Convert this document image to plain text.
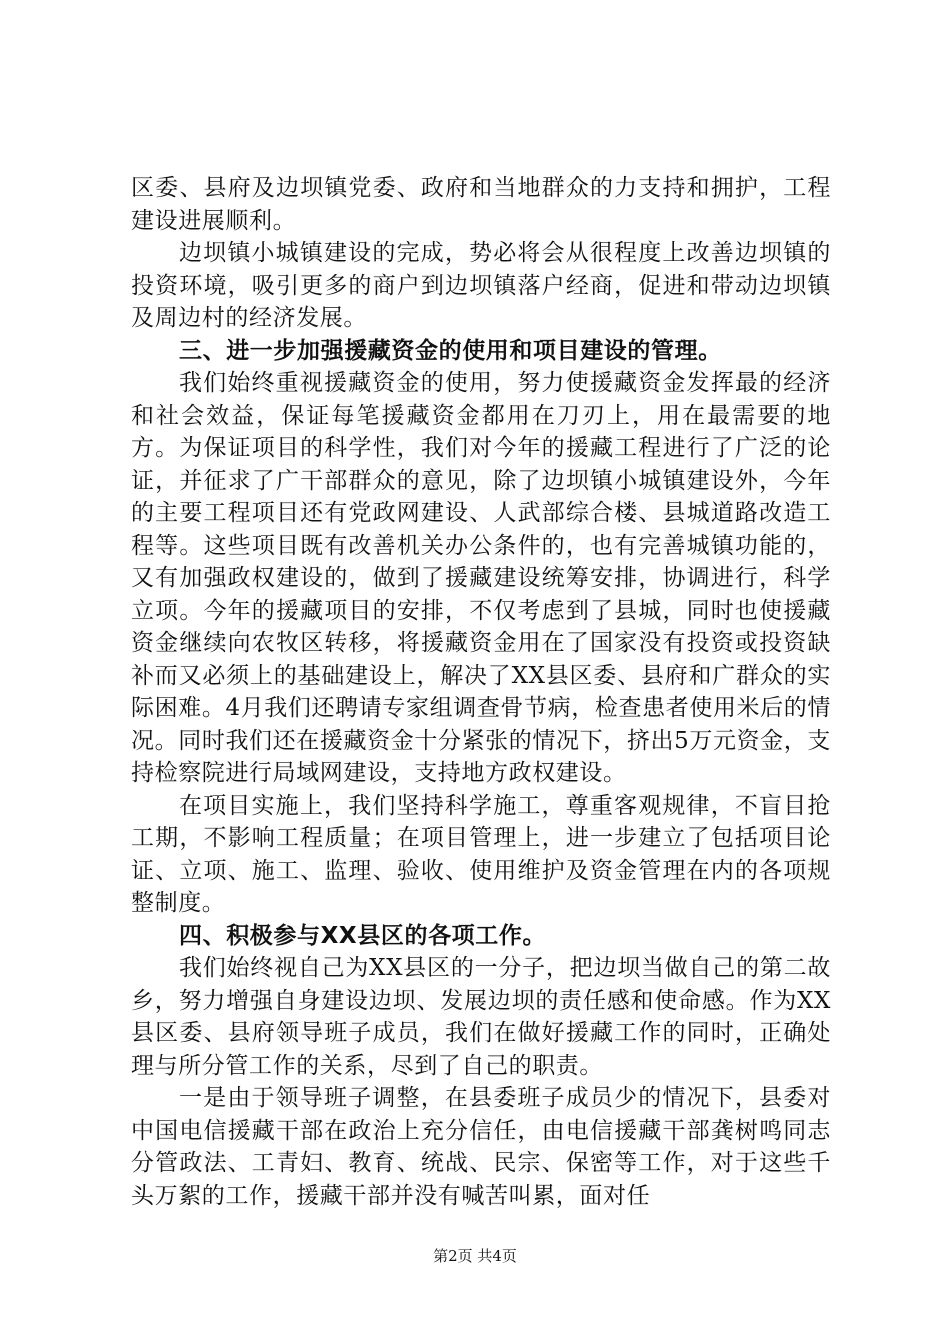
区委、县府及边坝镇党委、政府和当地群众的力支持和拥护，工程建设进展顺利。

边坝镇小城镇建设的完成，势必将会从很程度上改善边坝镇的投资环境，吸引更多的商户到边坝镇落户经商，促进和带动边坝镇及周边村的经济发展。

三、进一步加强援藏资金的使用和项目建设的管理。

我们始终重视援藏资金的使用，努力使援藏资金发挥最的经济和社会效益，保证每笔援藏资金都用在刀刃上，用在最需要的地方。为保证项目的科学性，我们对今年的援藏工程进行了广泛的论证，并征求了广干部群众的意见，除了边坝镇小城镇建设外，今年的主要工程项目还有党政网建设、人武部综合楼、县城道路改造工程等。这些项目既有改善机关办公条件的，也有完善城镇功能的，又有加强政权建设的，做到了援藏建设统筹安排，协调进行，科学立项。今年的援藏项目的安排，不仅考虑到了县城，同时也使援藏资金继续向农牧区转移，将援藏资金用在了国家没有投资或投资缺补而又必须上的基础建设上，解决了XX县区委、县府和广群众的实际困难。4月我们还聘请专家组调查骨节病，检查患者使用米后的情况。同时我们还在援藏资金十分紧张的情况下，挤出5万元资金，支持检察院进行局域网建设，支持地方政权建设。

在项目实施上，我们坚持科学施工，尊重客观规律，不盲目抢工期，不影响工程质量；在项目管理上，进一步建立了包括项目论证、立项、施工、监理、验收、使用维护及资金管理在内的各项规整制度。

四、积极参与XX县区的各项工作。

我们始终视自己为XX县区的一分子，把边坝当做自己的第二故乡，努力增强自身建设边坝、发展边坝的责任感和使命感。作为XX县区委、县府领导班子成员，我们在做好援藏工作的同时，正确处理与所分管工作的关系，尽到了自己的职责。

一是由于领导班子调整，在县委班子成员少的情况下，县委对中国电信援藏干部在政治上充分信任，由电信援藏干部龚树鸣同志分管政法、工青妇、教育、统战、民宗、保密等工作，对于这些千头万絮的工作，援藏干部并没有喊苦叫累，面对任

第2页 共4页
